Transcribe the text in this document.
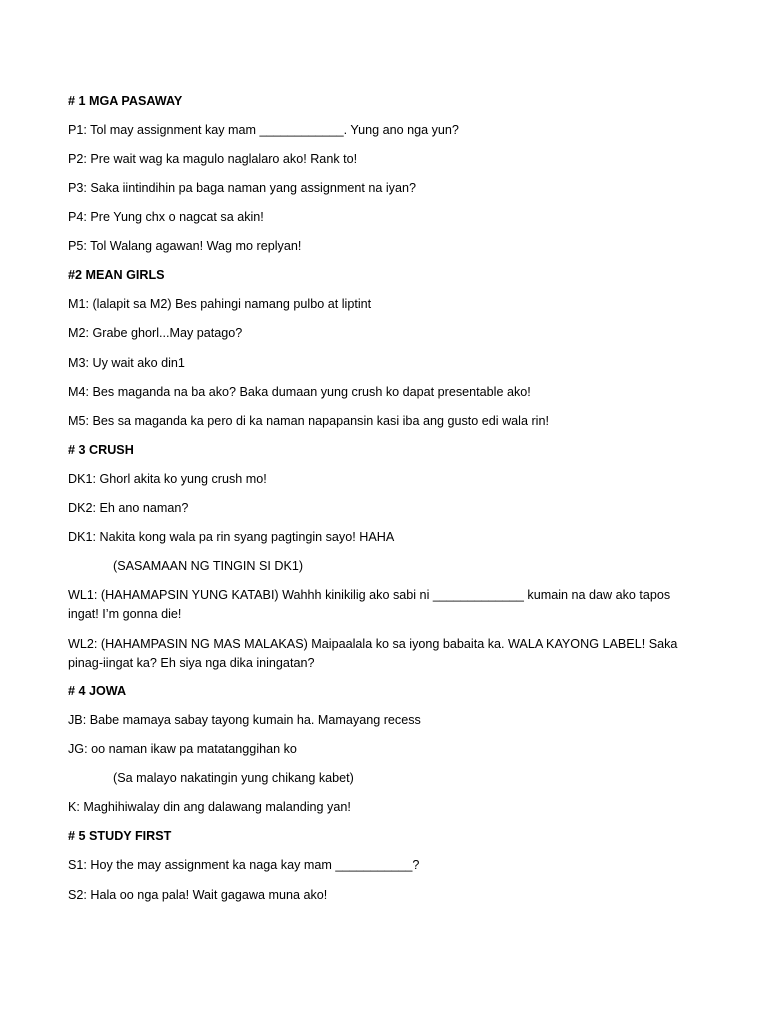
# 1 MGA PASAWAY
P1: Tol may assignment kay mam ____________. Yung ano nga yun?
P2: Pre wait wag ka magulo naglalaro ako! Rank to!
P3: Saka iintindihin pa baga naman yang assignment na iyan?
P4: Pre Yung chx o nagcat sa akin!
P5: Tol Walang agawan! Wag mo replyan!
#2 MEAN GIRLS
M1: (lalapit sa M2) Bes pahingi namang pulbo at liptint
M2: Grabe ghorl...May patago?
M3: Uy wait ako din1
M4: Bes maganda na ba ako? Baka dumaan yung crush ko dapat presentable ako!
M5: Bes sa maganda ka pero di ka naman napapansin kasi iba ang gusto edi wala rin!
# 3 CRUSH
DK1: Ghorl akita ko yung crush mo!
DK2: Eh ano naman?
DK1: Nakita kong wala pa rin syang pagtingin sayo! HAHA
(SASAMAAN NG TINGIN SI DK1)
WL1: (HAHAMAPSIN YUNG KATABI) Wahhh kinikilig ako sabi ni _____________ kumain na daw ako tapos ingat! I’m gonna die!
WL2: (HAHAMPASIN NG MAS MALAKAS) Maipaalala ko sa iyong babaita ka. WALA KAYONG LABEL! Saka pinag-iingat ka? Eh siya nga dika iningatan?
# 4 JOWA
JB: Babe mamaya sabay tayong kumain ha. Mamayang recess
JG: oo naman ikaw pa matatanggihan ko
(Sa malayo nakatingin yung chikang kabet)
K: Maghihiwalay din ang dalawang malanding yan!
# 5 STUDY FIRST
S1: Hoy the may assignment ka naga kay mam ___________?
S2: Hala oo nga pala! Wait gagawa muna ako!
